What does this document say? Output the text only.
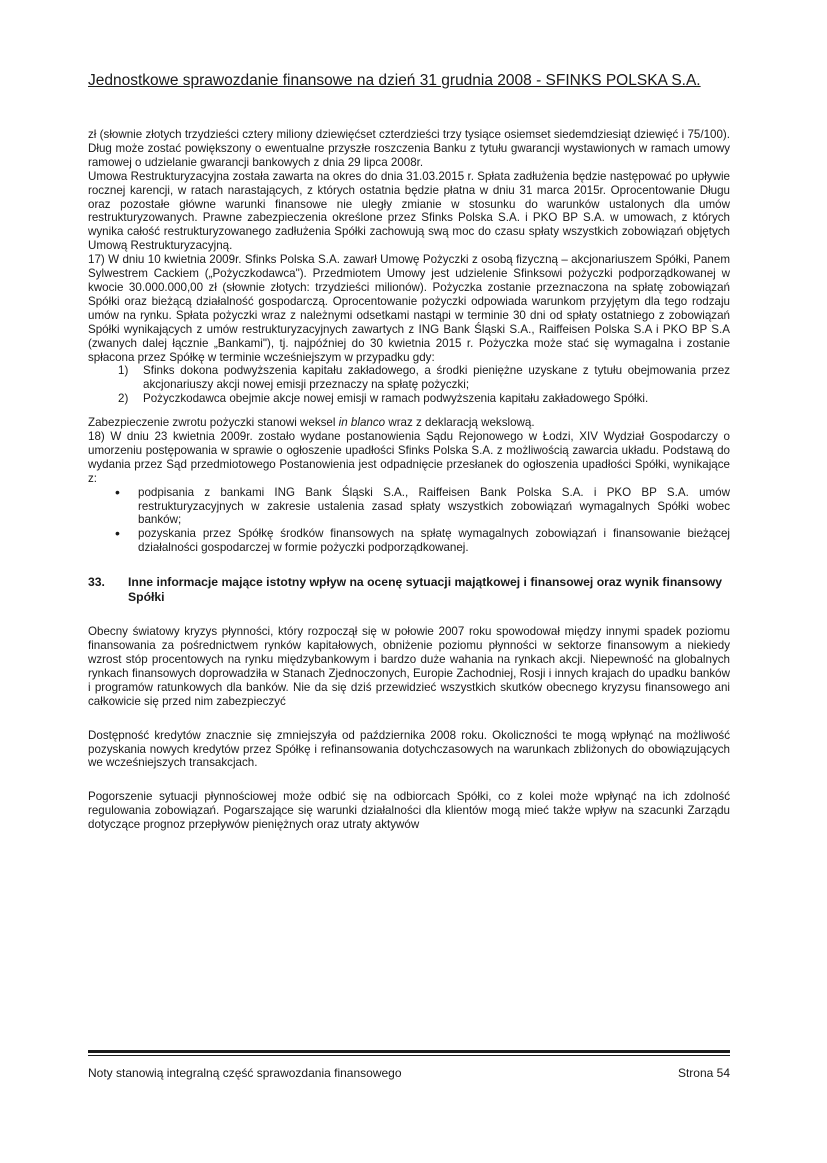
Jednostkowe sprawozdanie finansowe na dzień 31 grudnia 2008 - SFINKS POLSKA S.A.

zł (słownie złotych trzydzieści cztery miliony dziewięćset czterdzieści trzy tysiące osiemset siedemdziesiąt dziewięć i 75/100). Dług może zostać powiększony o ewentualne przyszłe roszczenia Banku z tytułu gwarancji wystawionych w ramach umowy ramowej o udzielanie gwarancji bankowych z dnia 29 lipca 2008r.

Umowa Restrukturyzacyjna została zawarta na okres do dnia 31.03.2015 r. Spłata zadłużenia będzie następować po upływie rocznej karencji, w ratach narastających, z których ostatnia będzie płatna w dniu 31 marca 2015r. Oprocentowanie Długu oraz pozostałe główne warunki finansowe nie uległy zmianie w stosunku do warunków ustalonych dla umów restrukturyzowanych. Prawne zabezpieczenia określone przez Sfinks Polska S.A. i PKO BP S.A. w umowach, z których wynika całość restrukturyzowanego zadłużenia Spółki zachowują swą moc do czasu spłaty wszystkich zobowiązań objętych Umową Restrukturyzacyjną.

17) W dniu 10 kwietnia 2009r. Sfinks Polska S.A. zawarł Umowę Pożyczki z osobą fizyczną – akcjonariuszem Spółki, Panem Sylwestrem Cackiem („Pożyczkodawca"). Przedmiotem Umowy jest udzielenie Sfinksowi pożyczki podporządkowanej w kwocie 30.000.000,00 zł (słownie złotych: trzydzieści milionów). Pożyczka zostanie przeznaczona na spłatę zobowiązań Spółki oraz bieżącą działalność gospodarczą. Oprocentowanie pożyczki odpowiada warunkom przyjętym dla tego rodzaju umów na rynku. Spłata pożyczki wraz z należnymi odsetkami nastąpi w terminie 30 dni od spłaty ostatniego z zobowiązań Spółki wynikających z umów restrukturyzacyjnych zawartych z ING Bank Śląski S.A., Raiffeisen Polska S.A i PKO BP S.A (zwanych dalej łącznie „Bankami"), tj. najpóźniej do 30 kwietnia 2015 r. Pożyczka może stać się wymagalna i zostanie spłacona przez Spółkę w terminie wcześniejszym w przypadku gdy:

1) Sfinks dokona podwyższenia kapitału zakładowego, a środki pieniężne uzyskane z tytułu obejmowania przez akcjonariuszy akcji nowej emisji przeznaczy na spłatę pożyczki;
2) Pożyczkodawca obejmie akcje nowej emisji w ramach podwyższenia kapitału zakładowego Spółki.

Zabezpieczenie zwrotu pożyczki stanowi weksel in blanco wraz z deklaracją wekslową.

18) W dniu 23 kwietnia 2009r. zostało wydane postanowienia Sądu Rejonowego w Łodzi, XIV Wydział Gospodarczy o umorzeniu postępowania w sprawie o ogłoszenie upadłości Sfinks Polska S.A. z możliwością zawarcia układu. Podstawą do wydania przez Sąd przedmiotowego Postanowienia jest odpadnięcie przesłanek do ogłoszenia upadłości Spółki, wynikające z:

• podpisania z bankami ING Bank Śląski S.A., Raiffeisen Bank Polska S.A. i PKO BP S.A. umów restrukturyzacyjnych w zakresie ustalenia zasad spłaty wszystkich zobowiązań wymagalnych Spółki wobec banków;
• pozyskania przez Spółkę środków finansowych na spłatę wymagalnych zobowiązań i finansowanie bieżącej działalności gospodarczej w formie pożyczki podporządkowanej.
33. Inne informacje mające istotny wpływ na ocenę sytuacji majątkowej i finansowej oraz wynik finansowy Spółki

Obecny światowy kryzys płynności, który rozpoczął się w połowie 2007 roku spowodował między innymi spadek poziomu finansowania za pośrednictwem rynków kapitałowych, obniżenie poziomu płynności w sektorze finansowym a niekiedy wzrost stóp procentowych na rynku międzybankowym i bardzo duże wahania na rynkach akcji. Niepewność na globalnych rynkach finansowych doprowadziła w Stanach Zjednoczonych, Europie Zachodniej, Rosji i innych krajach do upadku banków i programów ratunkowych dla banków. Nie da się dziś przewidzieć wszystkich skutków obecnego kryzysu finansowego ani całkowicie się przed nim zabezpieczyć

Dostępność kredytów znacznie się zmniejszyła od października 2008 roku. Okoliczności te mogą wpłynąć na możliwość pozyskania nowych kredytów przez Spółkę i refinansowania dotychczasowych na warunkach zbliżonych do obowiązujących we wcześniejszych transakcjach.

Pogorszenie sytuacji płynnościowej może odbić się na odbiorcach Spółki, co z kolei może wpłynąć na ich zdolność regulowania zobowiązań. Pogarszające się warunki działalności dla klientów mogą mieć także wpływ na szacunki Zarządu dotyczące prognoz przepływów pieniężnych oraz utraty aktywów

Noty stanowią integralną część sprawozdania finansowego	Strona 54
